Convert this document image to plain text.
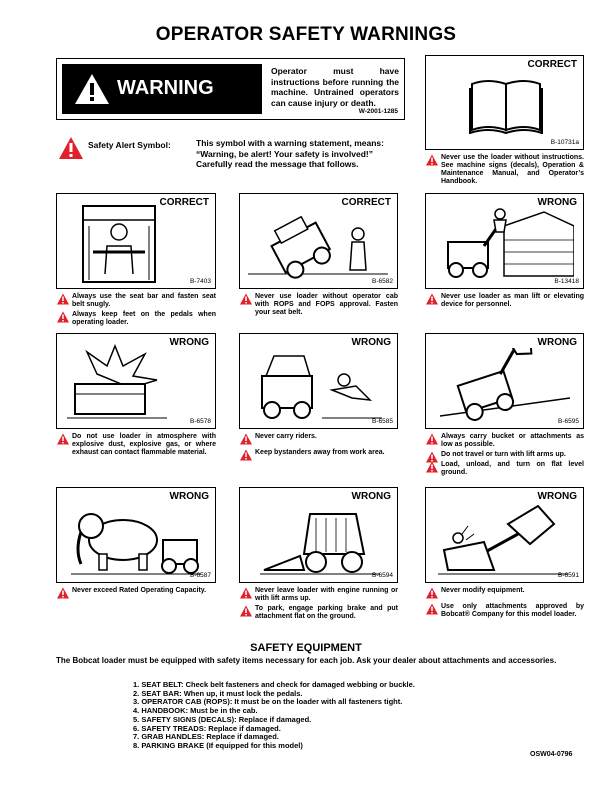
OPERATOR SAFETY WARNINGS
WARNING
Operator must have instructions before running the machine. Untrained operators can cause injury or death.
W-2001-1285
Safety Alert Symbol:	This symbol with a warning statement, means: “Warning, be alert! Your safety is involved!” Carefully read the message that follows.
CORRECT
B-10731a
Never use the loader without instructions. See machine signs (decals), Operation & Maintenance Manual, and Operator’s Handbook.
CORRECT
B-7403
Always use the seat bar and fasten seat belt snugly.
Always keep feet on the pedals when operating loader.
CORRECT
B-6582
Never use loader without operator cab with ROPS and FOPS approval. Fasten your seat belt.
WRONG
B-13418
Never use loader as man lift or elevating device for personnel.
WRONG
B-6578
Do not use loader in atmosphere with explosive dust, explosive gas, or where exhaust can contact flammable material.
WRONG
B-6585
Never carry riders.
Keep bystanders away from work area.
WRONG
B-6595
Always carry bucket or attachments as low as possible.
Do not travel or turn with lift arms up.
Load, unload, and turn on flat level ground.
WRONG
B-6587
Never exceed Rated Operating Capacity.
WRONG
B-6594
Never leave loader with engine running or with lift arms up.
To park, engage parking brake and put attachment flat on the ground.
WRONG
B-6591
Never modify equipment.
Use only attachments approved by Bobcat® Company for this model loader.
SAFETY EQUIPMENT
The Bobcat loader must be equipped with safety items necessary for each job. Ask your dealer about attachments and accessories.
1. SEAT BELT: Check belt fasteners and check for damaged webbing or buckle.
2. SEAT BAR: When up, it must lock the pedals.
3. OPERATOR CAB (ROPS): It must be on the loader with all fasteners tight.
4. HANDBOOK: Must be in the cab.
5. SAFETY SIGNS (DECALS): Replace if damaged.
6. SAFETY TREADS: Replace if damaged.
7. GRAB HANDLES: Replace if damaged.
8. PARKING BRAKE (If equipped for this model)
OSW04-0796
